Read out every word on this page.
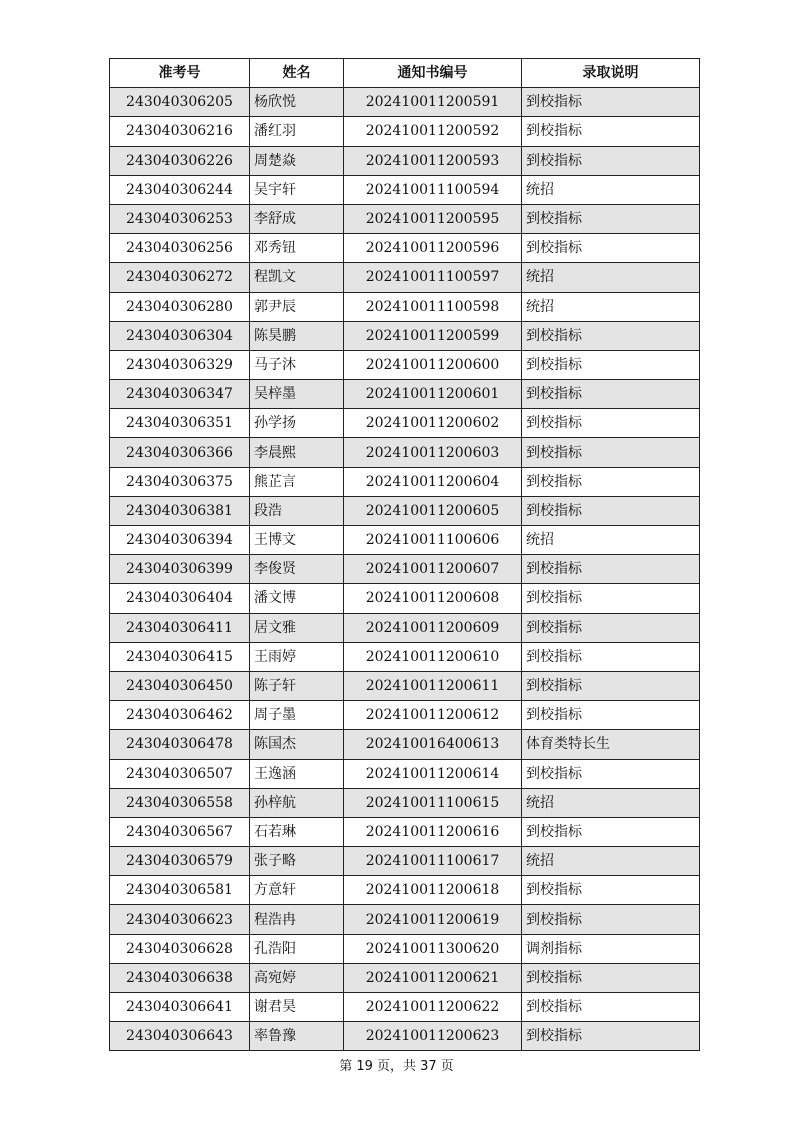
准考号	姓名	通知书编号	录取说明
243040306205	杨欣悦	202410011200591	到校指标
243040306216	潘红羽	202410011200592	到校指标
243040306226	周楚焱	202410011200593	到校指标
243040306244	吴宇轩	202410011100594	统招
243040306253	李舒成	202410011200595	到校指标
243040306256	邓秀钮	202410011200596	到校指标
243040306272	程凯文	202410011100597	统招
243040306280	郭尹辰	202410011100598	统招
243040306304	陈昊鹏	202410011200599	到校指标
243040306329	马子沐	202410011200600	到校指标
243040306347	吴梓墨	202410011200601	到校指标
243040306351	孙学扬	202410011200602	到校指标
243040306366	李晨熙	202410011200603	到校指标
243040306375	熊芷言	202410011200604	到校指标
243040306381	段浩	202410011200605	到校指标
243040306394	王博文	202410011100606	统招
243040306399	李俊贤	202410011200607	到校指标
243040306404	潘文博	202410011200608	到校指标
243040306411	居文雅	202410011200609	到校指标
243040306415	王雨婷	202410011200610	到校指标
243040306450	陈子轩	202410011200611	到校指标
243040306462	周子墨	202410011200612	到校指标
243040306478	陈国杰	202410016400613	体育类特长生
243040306507	王逸涵	202410011200614	到校指标
243040306558	孙梓航	202410011100615	统招
243040306567	石若琳	202410011200616	到校指标
243040306579	张子略	202410011100617	统招
243040306581	方意轩	202410011200618	到校指标
243040306623	程浩冉	202410011200619	到校指标
243040306628	孔浩阳	202410011300620	调剂指标
243040306638	高宛婷	202410011200621	到校指标
243040306641	谢君昊	202410011200622	到校指标
243040306643	率鲁豫	202410011200623	到校指标
第 19 页，共 37 页
